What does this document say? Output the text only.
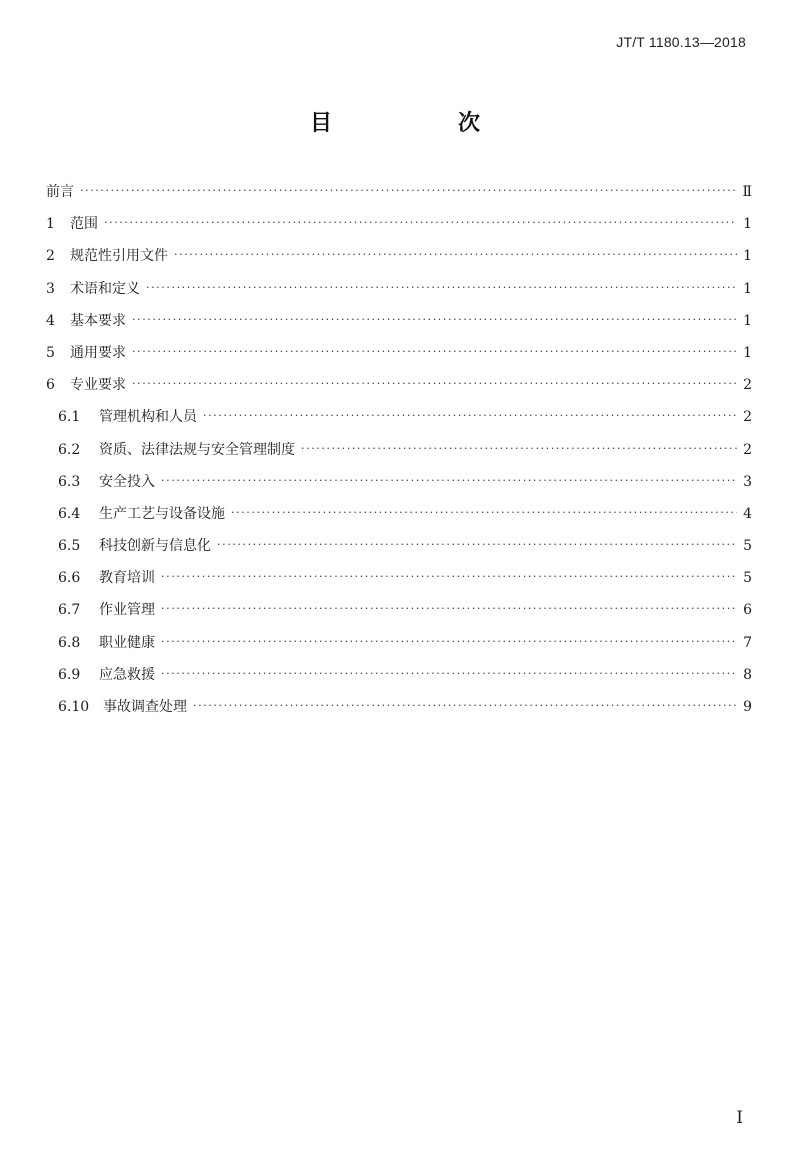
JT/T 1180.13—2018
目　次
前言 ·····	Ⅱ
1	范围 ·····	1
2	规范性引用文件 ·····	1
3	术语和定义 ·····	1
4	基本要求 ·····	1
5	通用要求 ·····	1
6	专业要求 ·····	2
6.1	管理机构和人员 ·····	2
6.2	资质、法律法规与安全管理制度 ·····	2
6.3	安全投入 ·····	3
6.4	生产工艺与设备设施 ·····	4
6.5	科技创新与信息化 ·····	5
6.6	教育培训 ·····	5
6.7	作业管理 ·····	6
6.8	职业健康 ·····	7
6.9	应急救援 ·····	8
6.10 事故调查处理 ·····	9
I
